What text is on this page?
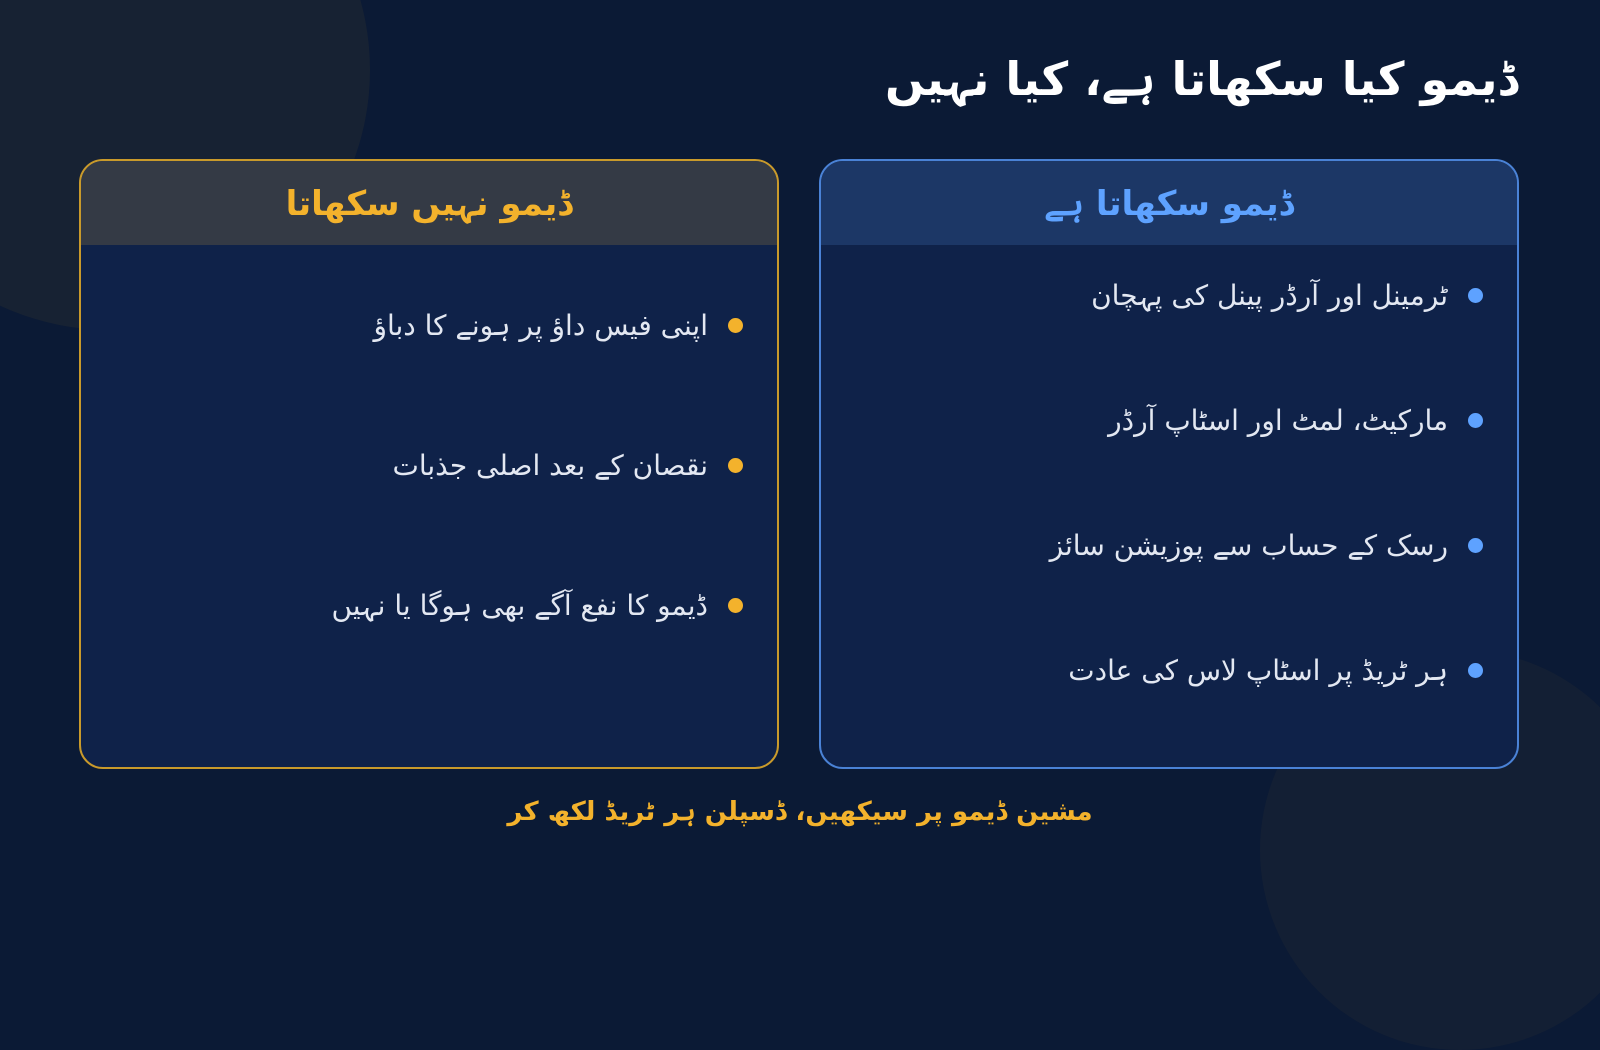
ڈیمو کیا سکھاتا ہے، کیا نہیں
ڈیمو سکھاتا ہے
ٹرمینل اور آرڈر پینل کی پہچان
مارکیٹ، لمٹ اور اسٹاپ آرڈر
رسک کے حساب سے پوزیشن سائز
ہر ٹریڈ پر اسٹاپ لاس کی عادت
ڈیمو نہیں سکھاتا
اپنی فیس داؤ پر ہونے کا دباؤ
نقصان کے بعد اصلی جذبات
ڈیمو کا نفع آگے بھی ہوگا یا نہیں
مشین ڈیمو پر سیکھیں، ڈسپلن ہر ٹریڈ لکھ کر
